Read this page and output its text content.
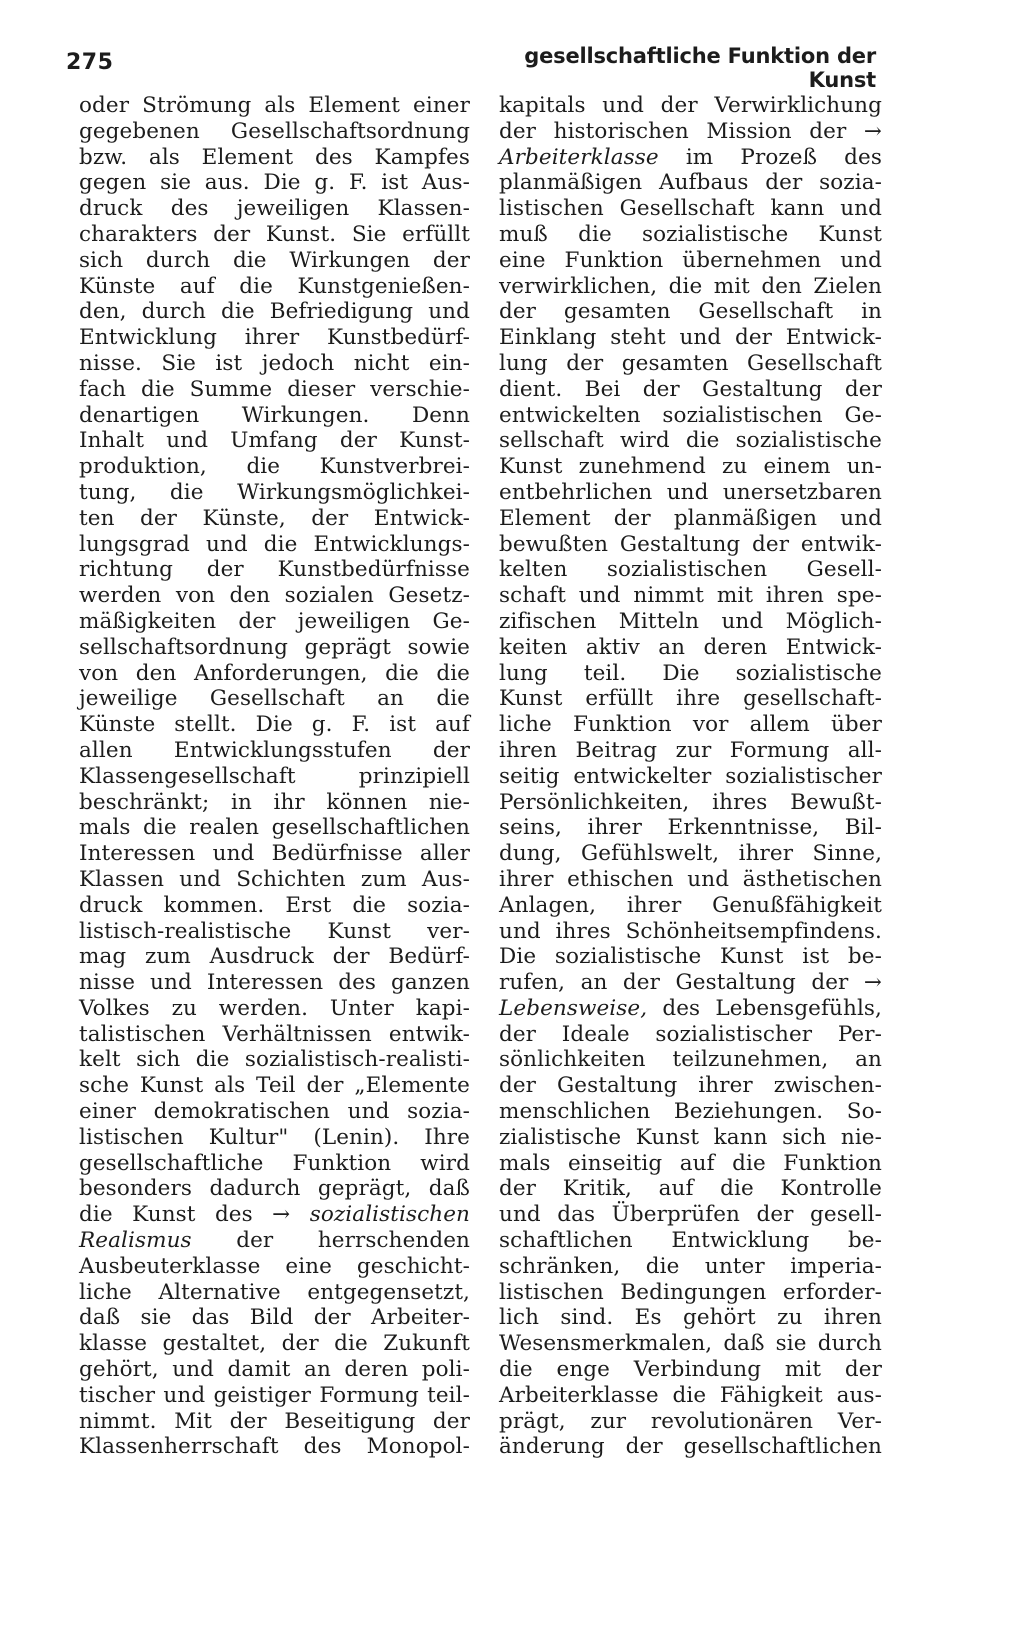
275	gesellschaftliche Funktion der Kunst
oder Strömung als Element einer
gegebenen Gesellschaftsordnung
bzw. als Element des Kampfes
gegen sie aus. Die g. F. ist Aus-
druck des jeweiligen Klassen-
charakters der Kunst. Sie erfüllt
sich durch die Wirkungen der
Künste auf die Kunstgenießen-
den, durch die Befriedigung und
Entwicklung ihrer Kunstbedürf-
nisse. Sie ist jedoch nicht ein-
fach die Summe dieser verschie-
denartigen Wirkungen. Denn
Inhalt und Umfang der Kunst-
produktion, die Kunstverbrei-
tung, die Wirkungsmöglichkei-
ten der Künste, der Entwick-
lungsgrad und die Entwicklungs-
richtung der Kunstbedürfnisse
werden von den sozialen Gesetz-
mäßigkeiten der jeweiligen Ge-
sellschaftsordnung geprägt sowie
von den Anforderungen, die die
jeweilige Gesellschaft an die
Künste stellt. Die g. F. ist auf
allen Entwicklungsstufen der
Klassengesellschaft prinzipiell
beschränkt; in ihr können nie-
mals die realen gesellschaftlichen
Interessen und Bedürfnisse aller
Klassen und Schichten zum Aus-
druck kommen. Erst die sozia-
listisch-realistische Kunst ver-
mag zum Ausdruck der Bedürf-
nisse und Interessen des ganzen
Volkes zu werden. Unter kapi-
talistischen Verhältnissen entwik-
kelt sich die sozialistisch-realisti-
sche Kunst als Teil der „Elemente
einer demokratischen und sozia-
listischen Kultur" (Lenin). Ihre
gesellschaftliche Funktion wird
besonders dadurch geprägt, daß
die Kunst des → sozialistischen
Realismus der herrschenden
Ausbeuterklasse eine geschicht-
liche Alternative entgegensetzt,
daß sie das Bild der Arbeiter-
klasse gestaltet, der die Zukunft
gehört, und damit an deren poli-
tischer und geistiger Formung teil-
nimmt. Mit der Beseitigung der
Klassenherrschaft des Monopol-
kapitals und der Verwirklichung
der historischen Mission der →
Arbeiterklasse im Prozeß des
planmäßigen Aufbaus der sozia-
listischen Gesellschaft kann und
muß die sozialistische Kunst
eine Funktion übernehmen und
verwirklichen, die mit den Zielen
der gesamten Gesellschaft in
Einklang steht und der Entwick-
lung der gesamten Gesellschaft
dient. Bei der Gestaltung der
entwickelten sozialistischen Ge-
sellschaft wird die sozialistische
Kunst zunehmend zu einem un-
entbehrlichen und unersetzbaren
Element der planmäßigen und
bewußten Gestaltung der entwik-
kelten sozialistischen Gesell-
schaft und nimmt mit ihren spe-
zifischen Mitteln und Möglich-
keiten aktiv an deren Entwick-
lung teil. Die sozialistische
Kunst erfüllt ihre gesellschaft-
liche Funktion vor allem über
ihren Beitrag zur Formung all-
seitig entwickelter sozialistischer
Persönlichkeiten, ihres Bewußt-
seins, ihrer Erkenntnisse, Bil-
dung, Gefühlswelt, ihrer Sinne,
ihrer ethischen und ästhetischen
Anlagen, ihrer Genußfähigkeit
und ihres Schönheitsempfindens.
Die sozialistische Kunst ist be-
rufen, an der Gestaltung der →
Lebensweise, des Lebensgefühls,
der Ideale sozialistischer Per-
sönlichkeiten teilzunehmen, an
der Gestaltung ihrer zwischen-
menschlichen Beziehungen. So-
zialistische Kunst kann sich nie-
mals einseitig auf die Funktion
der Kritik, auf die Kontrolle
und das Überprüfen der gesell-
schaftlichen Entwicklung be-
schränken, die unter imperia-
listischen Bedingungen erforder-
lich sind. Es gehört zu ihren
Wesensmerkmalen, daß sie durch
die enge Verbindung mit der
Arbeiterklasse die Fähigkeit aus-
prägt, zur revolutionären Ver-
änderung der gesellschaftlichen
